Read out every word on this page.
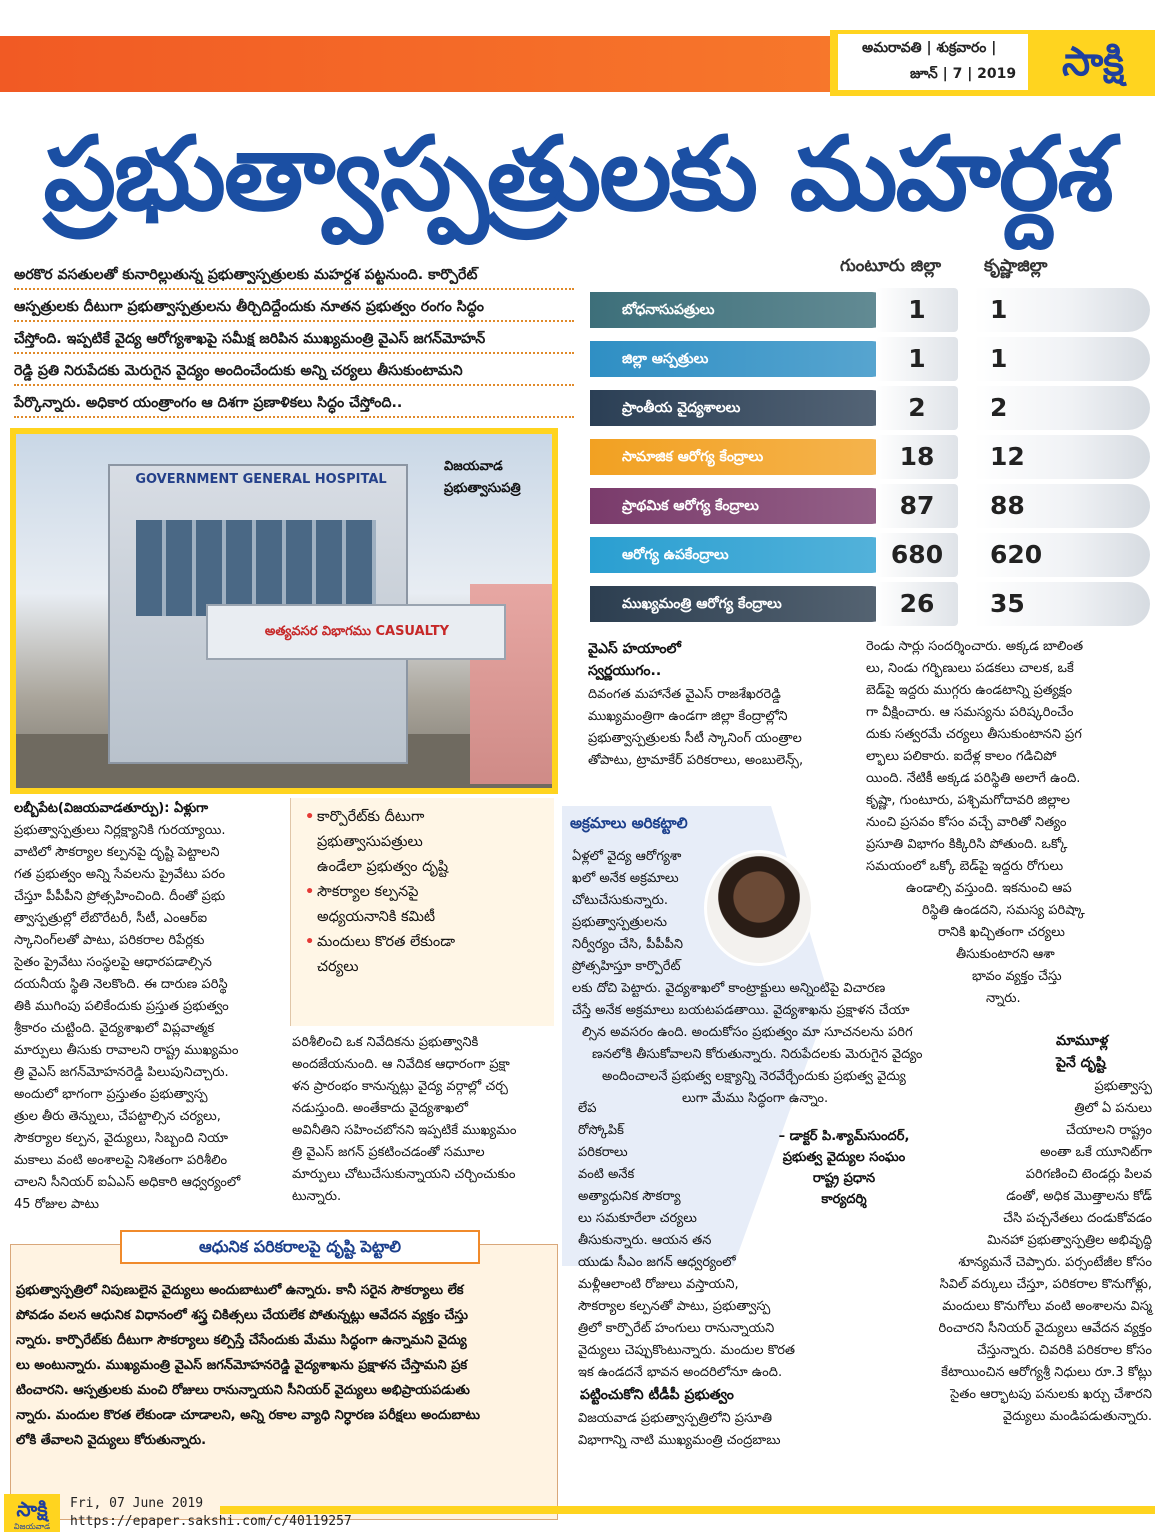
అమరావతి | శుక్రవారం |
జూన్ | 7 | 2019	సాక్షి
ప్రభుత్వాస్పత్రులకు మహర్దశ
అరకొర వసతులతో కునారిల్లుతున్న ప్రభుత్వాస్పత్రులకు మహర్దశ పట్టనుంది. కార్పొరేట్
ఆస్పత్రులకు దీటుగా ప్రభుత్వాస్పత్రులను తీర్చిదిద్దేందుకు నూతన ప్రభుత్వం రంగం సిద్ధం
చేస్తోంది. ఇప్పటికే వైద్య ఆరోగ్యశాఖపై సమీక్ష జరిపిన ముఖ్యమంత్రి వైఎస్ జగన్‌మోహన్
రెడ్డి ప్రతి నిరుపేదకు మెరుగైన వైద్యం అందించేందుకు అన్ని చర్యలు తీసుకుంటామని
పేర్కొన్నారు. అధికార యంత్రాంగం ఆ దిశగా ప్రణాళికలు సిద్ధం చేస్తోంది..
GOVERNMENT GENERAL HOSPITAL
అత్యవసర విభాగము CASUALTY
విజయవాడ
ప్రభుత్వాసుపత్రి
గుంటూరు జిల్లా	కృష్ణాజిల్లా
బోధనాసుపత్రులు	1	1
జిల్లా ఆస్పత్రులు	1	1
ప్రాంతీయ వైద్యశాలలు	2	2
సామాజిక ఆరోగ్య కేంద్రాలు	18	12
ప్రాథమిక ఆరోగ్య కేంద్రాలు	87	88
ఆరోగ్య ఉపకేంద్రాలు	680	620
ముఖ్యమంత్రి ఆరోగ్య కేంద్రాలు	26	35
లబ్బీపేట(విజయవాడతూర్పు): ఏళ్లుగా
ప్రభుత్వాస్పత్రులు నిర్లక్ష్యానికి గురయ్యాయి.
వాటిలో సౌకర్యాల కల్పనపై దృష్టి పెట్టాలని
గత ప్రభుత్వం అన్ని సేవలను ప్రైవేటు పరం
చేస్తూ పీపీపీని ప్రోత్సహించింది. దీంతో ప్రభు
త్వాస్పత్రుల్లో లేబొరేటరీ, సీటీ, ఎంఆర్ఐ
స్కానింగ్‌లతో పాటు, పరికరాల రిపేర్లకు
సైతం ప్రైవేటు సంస్థలపై ఆధారపడాల్సిన
దయనీయ స్థితి నెలకొంది. ఈ దారుణ పరిస్థి
తికి ముగింపు పలికేందుకు ప్రస్తుత ప్రభుత్వం
శ్రీకారం చుట్టింది. వైద్యశాఖలో విప్లవాత్మక
మార్పులు తీసుకు రావాలని రాష్ట్ర ముఖ్యమం
త్రి వైఎస్ జగన్‌మోహనరెడ్డి పిలుపునిచ్చారు.
అందులో భాగంగా ప్రస్తుతం ప్రభుత్వాస్ప
త్రుల తీరు తెన్నులు, చేపట్టాల్సిన చర్యలు,
సౌకర్యాల కల్పన, వైద్యులు, సిబ్బంది నియా
మకాలు వంటి అంశాలపై నిశితంగా పరిశీలిం
చాలని సీనియర్ ఐఏఎస్ అధికారి ఆధ్వర్యంలో
45 రోజుల పాటు
• కార్పొరేట్‌కు దీటుగా
ప్రభుత్వాసుపత్రులు
ఉండేలా ప్రభుత్వం దృష్టి
• సౌకర్యాల కల్పనపై
అధ్యయనానికి కమిటీ
• మందులు కొరత లేకుండా
చర్యలు
పరిశీలించి ఒక నివేదికను ప్రభుత్వానికి
అందజేయనుంది. ఆ నివేదిక ఆధారంగా ప్రక్షా
ళన ప్రారంభం కానున్నట్లు వైద్య వర్గాల్లో చర్చ
నడుస్తుంది. అంతేకాదు వైద్యశాఖలో
అవినీతిని సహించబోనని ఇప్పటికే ముఖ్యమం
త్రి వైఎస్ జగన్ ప్రకటించడంతో సమూల
మార్పులు చోటుచేసుకున్నాయని చర్చించుకుం
టున్నారు.
అక్రమాలు అరికట్టాలి
ఏళ్లలో వైద్య ఆరోగ్యశా
ఖలో అనేక అక్రమాలు
చోటుచేసుకున్నారు.
ప్రభుత్వాస్పత్రులను
నిర్వీర్యం చేసి, పీపీపీని
ప్రోత్సహిస్తూ కార్పొరేట్
లకు దోచి పెట్టారు. వైద్యశాఖలో కాంట్రాక్టులు అన్నింటిపై విచారణ
చేస్తే అనేక అక్రమాలు బయటపడతాయి. వైద్యశాఖను ప్రక్షాళన చేయా
ల్సిన అవసరం ఉంది. అందుకోసం ప్రభుత్వం మా సూచనలను పరిగ
ణనలోకి తీసుకోవాలని కోరుతున్నారు. నిరుపేదలకు మెరుగైన వైద్యం
అందించాలనే ప్రభుత్వ లక్ష్యాన్ని నెరవేర్చేందుకు ప్రభుత్వ వైద్యు
లుగా మేము సిద్ధంగా ఉన్నాం.
– డాక్టర్ పి.శ్యామ్‌సుందర్,
ప్రభుత్వ వైద్యుల సంఘం
రాష్ట్ర ప్రధాన
కార్యదర్శి
వైఎస్ హయాంలో
స్వర్ణయుగం..
దివంగత మహానేత వైఎస్ రాజశేఖరరెడ్డి
ముఖ్యమంత్రిగా ఉండగా జిల్లా కేంద్రాల్లోని
ప్రభుత్వాస్పత్రులకు సీటీ స్కానింగ్ యంత్రాల
తోపాటు, ట్రామాకేర్ పరికరాలు, అంబులెన్స్,
లేప
రోస్కోపిక్
పరికరాలు
వంటి అనేక
అత్యాధునిక సౌకర్యా
లు సమకూరేలా చర్యలు
తీసుకున్నారు. ఆయన తన
యుడు సీఎం జగన్ ఆధ్వర్యంలో
మళ్లీఆలాంటి రోజులు వస్తాయని,
సౌకర్యాల కల్పనతో పాటు, ప్రభుత్వాస్ప
త్రిలో కార్పొరేట్ హంగులు రానున్నాయని
వైద్యులు చెప్పుకొంటున్నారు. మందుల కొరత
ఇక ఉండదనే భావన అందరిలోనూ ఉంది.
పట్టించుకోని టీడీపీ ప్రభుత్వం
విజయవాడ ప్రభుత్వాస్పత్రిలోని ప్రసూతి
విభాగాన్ని నాటి ముఖ్యమంత్రి చంద్రబాబు
రెండు సార్లు సందర్శించారు. అక్కడ బాలింత
లు, నిండు గర్భిణులు పడకలు చాలక, ఒకే
బెడ్‌పై ఇద్దరు ముగ్గరు ఉండటాన్ని ప్రత్యక్షం
గా వీక్షించారు. ఆ సమస్యను పరిష్కరించేం
దుకు సత్వరమే చర్యలు తీసుకుంటానని ప్రగ
ల్భాలు పలికారు. ఐదేళ్ల కాలం గడిచిపో
యింది. నేటికీ అక్కడ పరిస్థితి అలాగే ఉంది.
కృష్ణా, గుంటూరు, పశ్చిమగోదావరి జిల్లాల
నుంచి ప్రసవం కోసం వచ్చే వారితో నిత్యం
ప్రసూతి విభాగం కిక్కిరిసి పోతుంది. ఒక్కో
సమయంలో ఒక్కో బెడ్‌పై ఇద్దరు రోగులు
ఉండాల్సి వస్తుంది. ఇకనుంచి ఆప
రిస్థితి ఉండదని, సమస్య పరిష్కా
రానికి ఖచ్చితంగా చర్యలు
తీసుకుంటారని ఆశా
భావం వ్యక్తం చేస్తు
న్నారు.
మామూళ్ల
పైనే దృష్టి
ప్రభుత్వాస్ప
త్రిలో ఏ పనులు
చేయాలని రాష్ట్రం
అంతా ఒకే యూనిట్‌గా
పరిగణించి టెండర్లు పిలవ
డంతో, అధిక మొత్తాలను కోడ్
చేసి పచ్చనేతలు దండుకోవడం
మినహా ప్రభుత్వాస్పత్రిల అభివృద్ధి
శూన్యమనే చెప్పారు. పర్సంటేజీల కోసం
సివిల్ వర్కులు చేస్తూ, పరికరాల కొనుగోళ్లు,
మందులు కొనుగోలు వంటి అంశాలను విస్మ
రించారని సీనియర్ వైద్యులు ఆవేదన వ్యక్తం
చేస్తున్నారు. చివరికి పరికరాల కోసం
కేటాయించిన ఆరోగ్యశ్రీ నిధులు రూ.3 కోట్లు
సైతం ఆర్భాటపు పనులకు ఖర్చు చేశారని
వైద్యులు మండిపడుతున్నారు.
ఆధునిక పరికరాలపై దృష్టి పెట్టాలి
ప్రభుత్వాస్పత్రిలో నిపుణులైన వైద్యులు అందుబాటులో ఉన్నారు. కానీ సరైన సౌకర్యాలు లేక
పోవడం వలన ఆధునిక విధానంలో శస్త్ర చికిత్సలు చేయలేక పోతున్నట్లు ఆవేదన వ్యక్తం చేస్తు
న్నారు. కార్పొరేట్‌కు దీటుగా సౌకర్యాలు కల్పిస్తే చేసేందుకు మేము సిద్ధంగా ఉన్నామని వైద్యు
లు అంటున్నారు. ముఖ్యమంత్రి వైఎస్ జగన్‌మోహనరెడ్డి వైద్యశాఖను ప్రక్షాళన చేస్తామని ప్రక
టించారని. ఆస్పత్రులకు మంచి రోజులు రానున్నాయని సీనియర్ వైద్యులు అభిప్రాయపడుతు
న్నారు. మందుల కొరత లేకుండా చూడాలని, అన్ని రకాల వ్యాధి నిర్ధారణ పరీక్షలు అందుబాటు
లోకి తేవాలని వైద్యులు కోరుతున్నారు.
సాక్షి
విజయవాడ
Fri, 07 June 2019
https://epaper.sakshi.com/c/40119257
